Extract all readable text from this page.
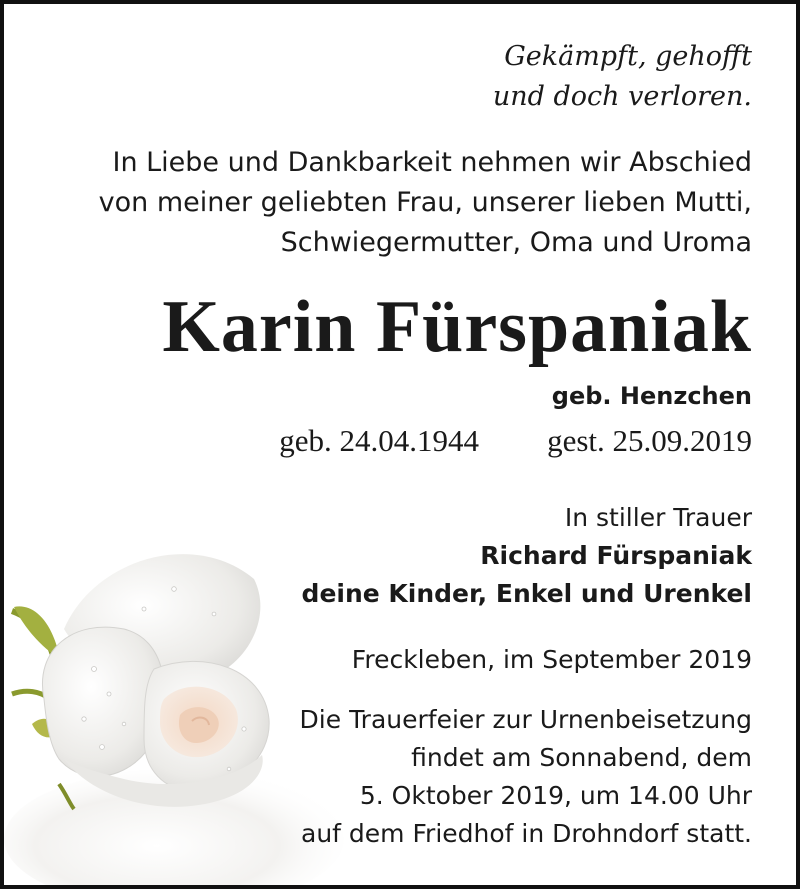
Gekämpft, gehofft
und doch verloren.

In Liebe und Dankbarkeit nehmen wir Abschied
von meiner geliebten Frau, unserer lieben Mutti,
Schwiegermutter, Oma und Uroma

Karin Fürspaniak

geb. Henzchen

geb. 24.04.1944 gest. 25.09.2019

In stiller Trauer
Richard Fürspaniak
deine Kinder, Enkel und Urenkel

Freckleben, im September 2019

Die Trauerfeier zur Urnenbeisetzung
findet am Sonnabend, dem
5. Oktober 2019, um 14.00 Uhr
auf dem Friedhof in Drohndorf statt.
